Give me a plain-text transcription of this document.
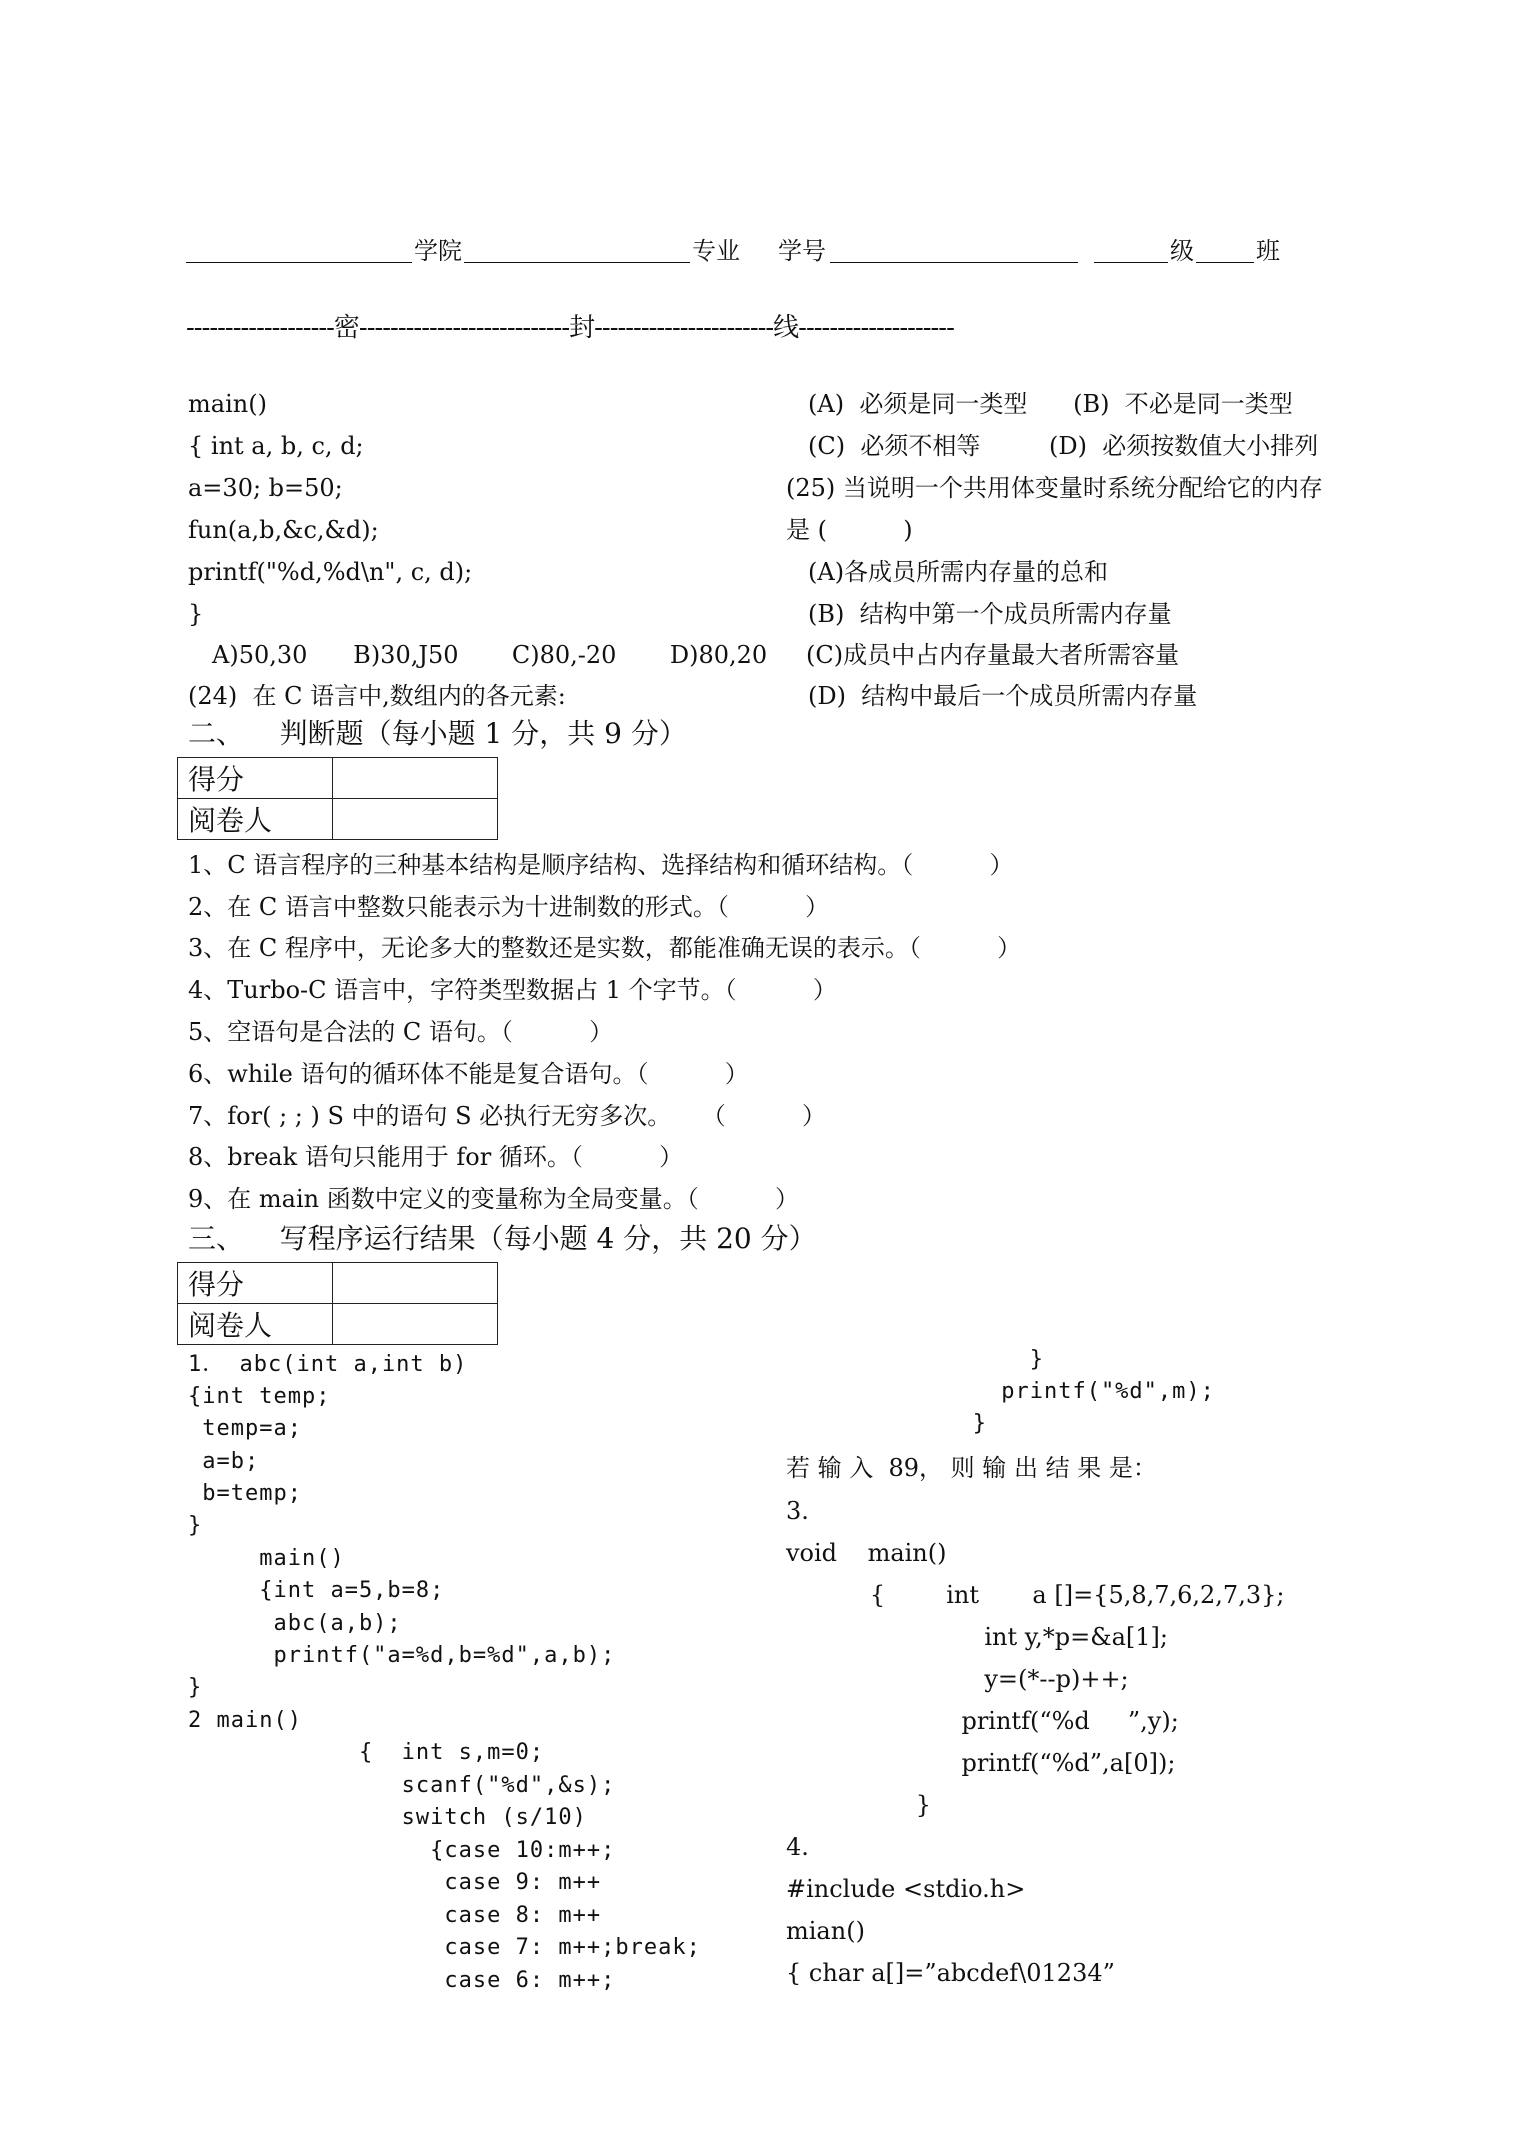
学院	专业 学号	级	班
-------------------密---------------------------封-----------------------线--------------------
main()
{ int a, b, c, d;
a=30; b=50;
fun(a,b,&c,&d);
printf("%d,%d\n", c, d);
}
A)50,30      B)30,J50       C)80,-20       D)80,20
(24)  在 C 语言中,数组内的各元素:
(A)  必须是同一类型      (B)  不必是同一类型
(C)  必须不相等         (D)  必须按数值大小排列
(25) 当说明一个共用体变量时系统分配给它的内存
是 (          )
(A)各成员所需内存量的总和
(B)  结构中第一个成员所需内存量
(C)成员中占内存量最大者所需容量
(D)  结构中最后一个成员所需内存量
二、    判断题（每小题 1 分，共 9 分）
得分	
阅卷人	
1、C 语言程序的三种基本结构是顺序结构、选择结构和循环结构。（          ）
2、在 C 语言中整数只能表示为十进制数的形式。（          ）
3、在 C 程序中，无论多大的整数还是实数，都能准确无误的表示。（          ）
4、Turbo-C 语言中，字符类型数据占 1 个字节。（          ）
5、空语句是合法的 C 语句。（          ）
6、while 语句的循环体不能是复合语句。（          ）
7、for( ; ; ) S 中的语句 S 必执行无穷多次。    （          ）
8、break 语句只能用于 for 循环。（          ）
9、在 main 函数中定义的变量称为全局变量。（          ）
三、    写程序运行结果（每小题 4 分，共 20 分）
得分	
阅卷人	
1． abc(int a,int b)
{int temp;
temp=a;
a=b;
b=temp;
}
main()
{int a=5,b=8;
abc(a,b);
printf("a=%d,b=%d",a,b);
}
2 main()
{  int s,m=0;
scanf("%d",&s);
switch (s/10)
{case 10:m++;
case 9: m++
case 8: m++
case 7: m++;break;
case 6: m++;
}
printf("%d",m);
}
若 输 入  89， 则 输 出 结 果 是：
3.
void    main()
{        int       a []={5,8,7,6,2,7,3};
int y,*p=&a[1];
y=(*--p)++;
printf(“%d     ”,y);
printf(“%d”,a[0]);
}
4.
#include <stdio.h>
mian()
{ char a[]=”abcdef\01234”
